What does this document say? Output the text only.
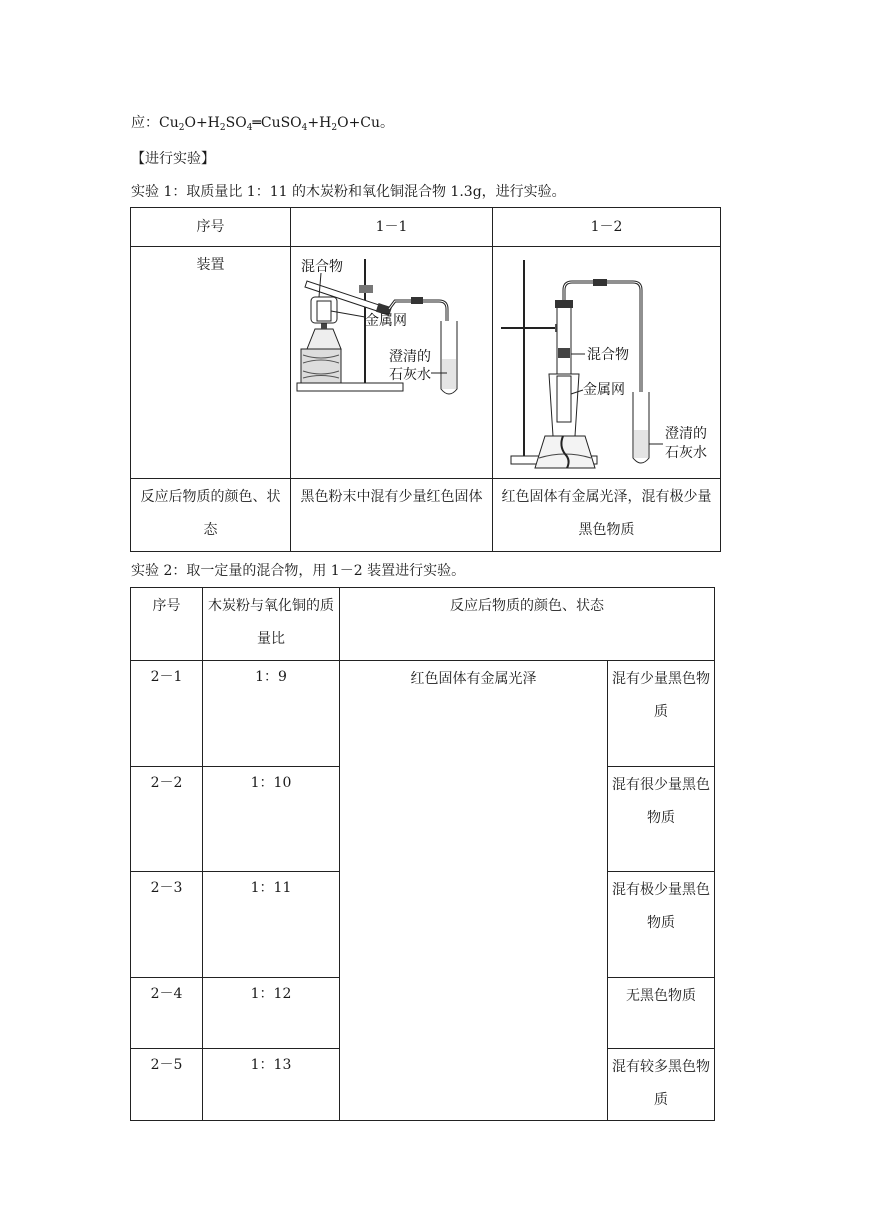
应：$Cu_2O+H_2SO_4═CuSO_4+H_2O+Cu$。
【进行实验】
实验 1：取质量比 1：11 的木炭粉和氧化铜混合物 1.3g，进行实验。
序号	1－1	1－2
装置	混合物
金属网
澄清的
石灰水	混合物
金属网
澄清的
石灰水

反应后物质的颜色、状态	黑色粉末中混有少量红色固体	红色固体有金属光泽，混有极少量黑色物质
实验 2：取一定量的混合物，用 1－2 装置进行实验。
序号	木炭粉与氧化铜的质量比	反应后物质的颜色、状态	

2－1	1：9	红色固体有金属光泽	混有少量黑色物质

2－2	1：10		混有很少量黑色物质

2－3	1：11		混有极少量黑色物质

2－4	1：12		无黑色物质

2－5	1：13		混有较多黑色物质
